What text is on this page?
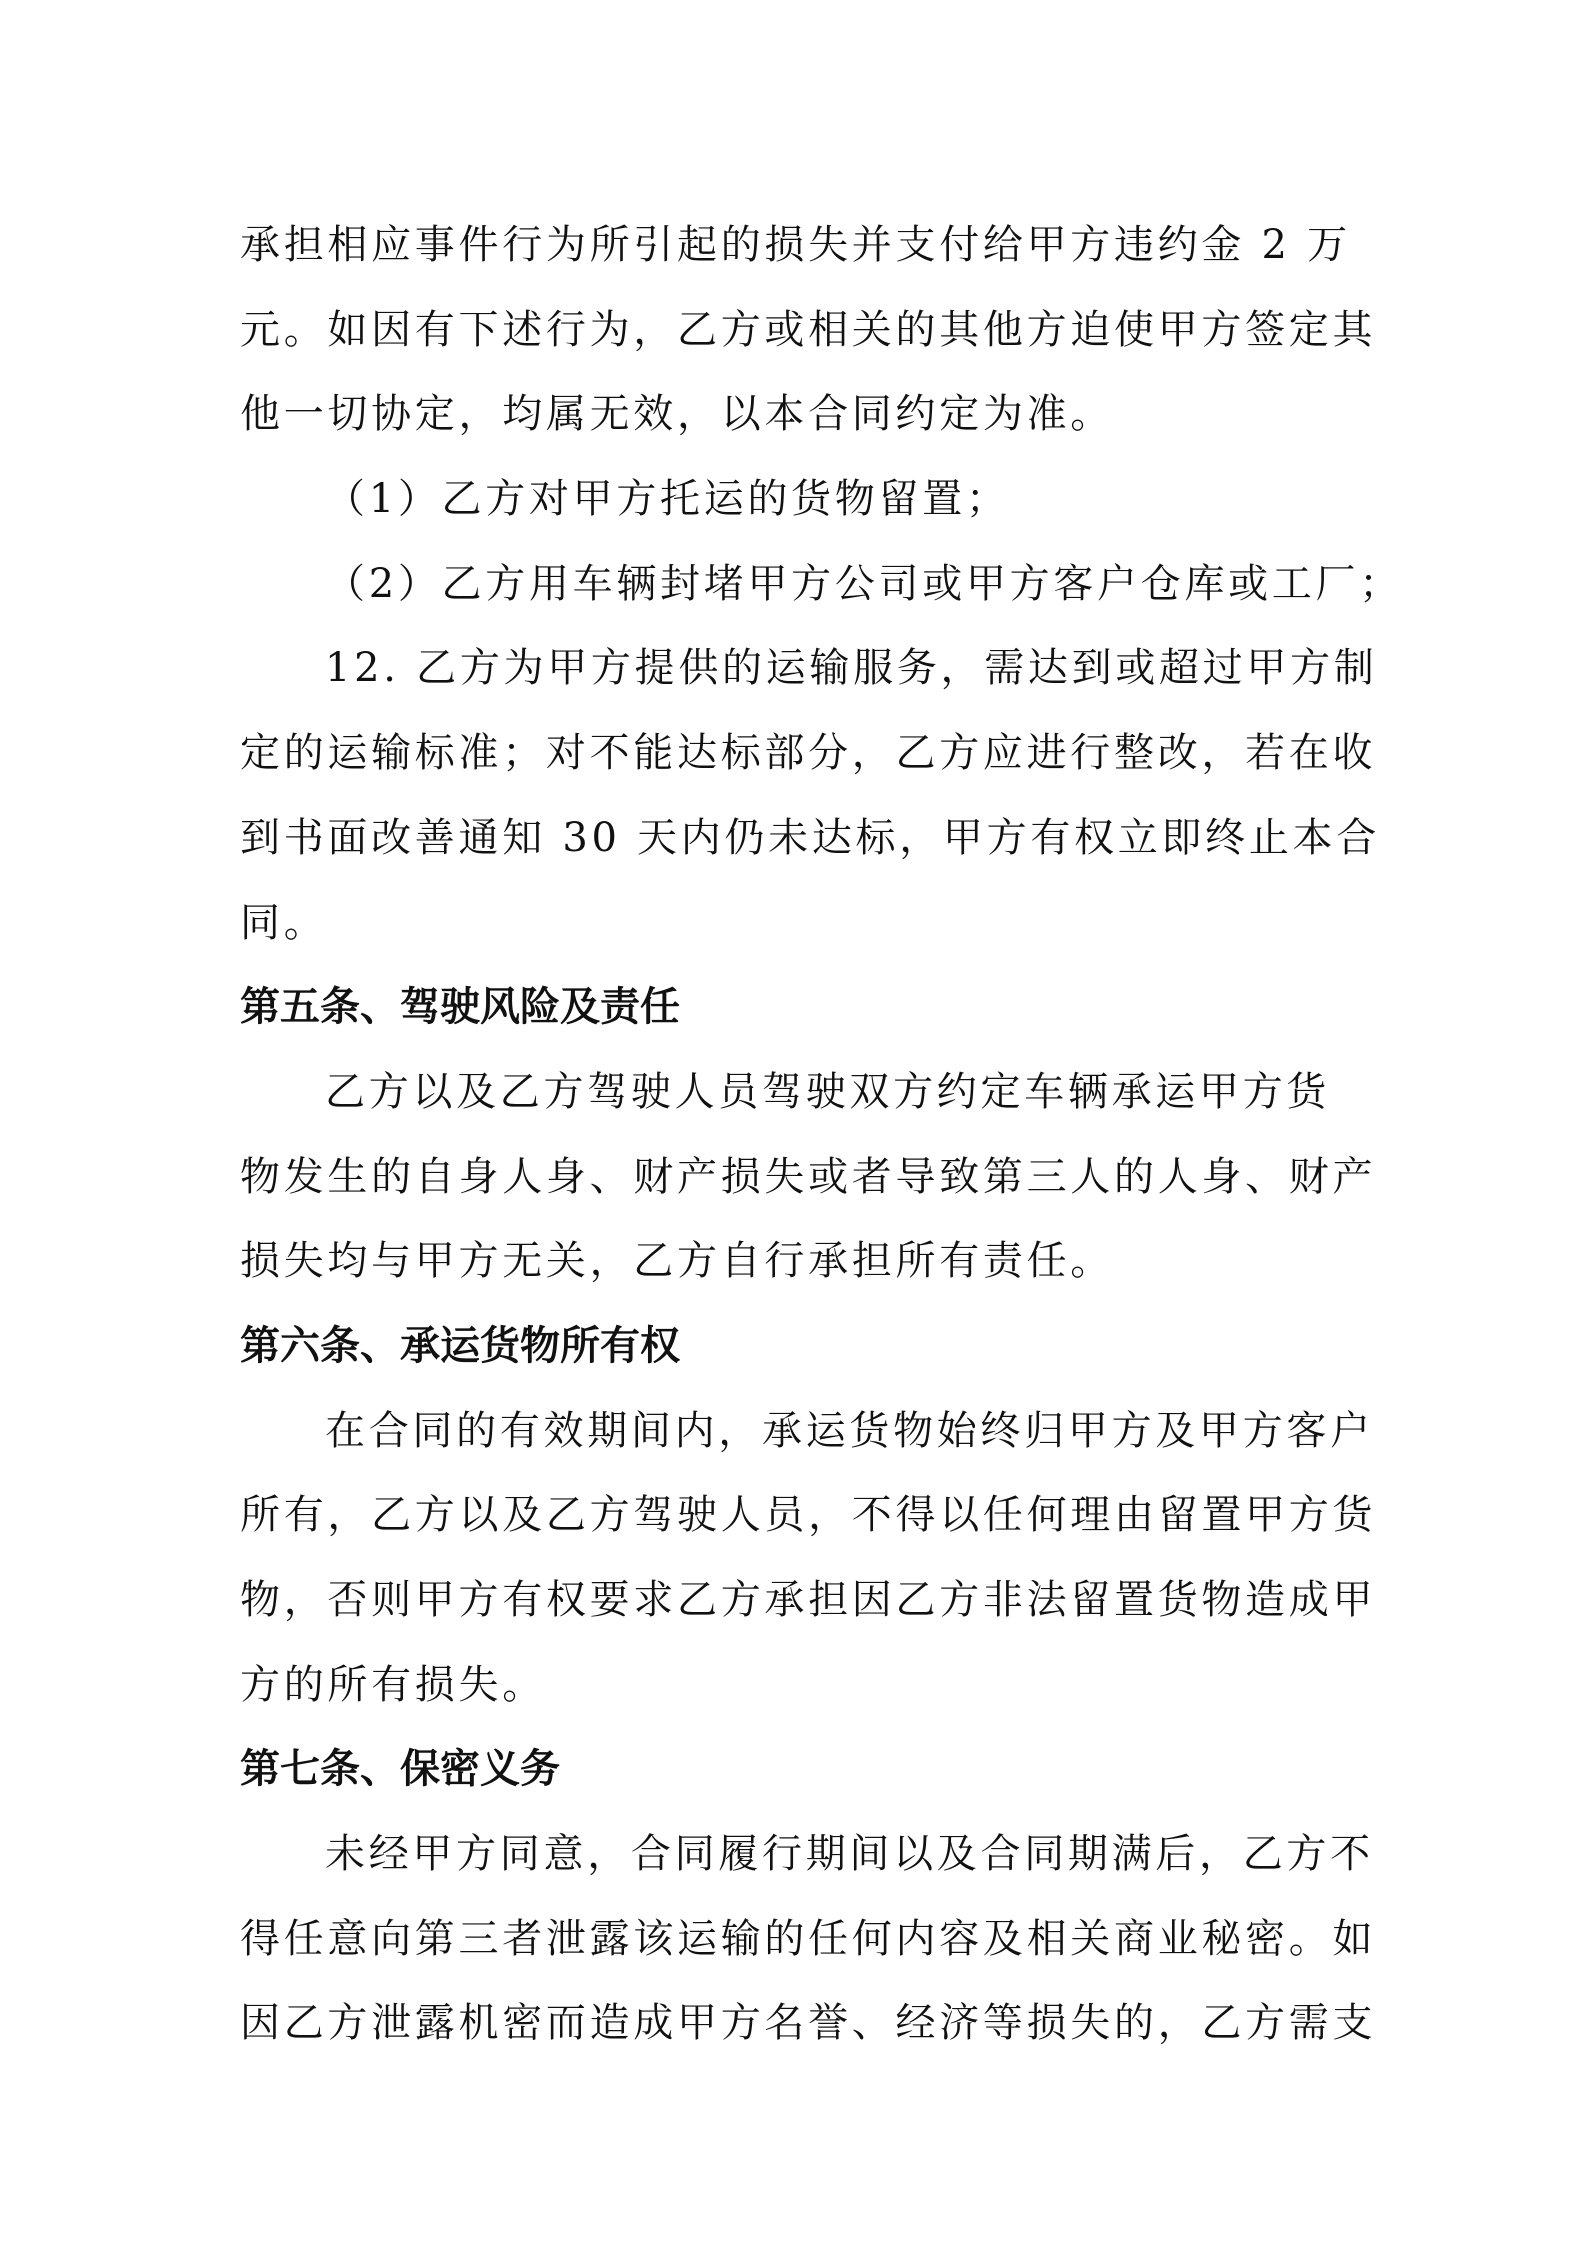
承担相应事件行为所引起的损失并支付给甲方违约金 2 万
元。如因有下述行为，乙方或相关的其他方迫使甲方签定其
他一切协定，均属无效，以本合同约定为准。
（1）乙方对甲方托运的货物留置；
（2）乙方用车辆封堵甲方公司或甲方客户仓库或工厂；
12. 乙方为甲方提供的运输服务，需达到或超过甲方制
定的运输标准；对不能达标部分，乙方应进行整改，若在收
到书面改善通知 30 天内仍未达标，甲方有权立即终止本合
同。
第五条、驾驶风险及责任
乙方以及乙方驾驶人员驾驶双方约定车辆承运甲方货
物发生的自身人身、财产损失或者导致第三人的人身、财产
损失均与甲方无关，乙方自行承担所有责任。
第六条、承运货物所有权
在合同的有效期间内，承运货物始终归甲方及甲方客户
所有，乙方以及乙方驾驶人员，不得以任何理由留置甲方货
物，否则甲方有权要求乙方承担因乙方非法留置货物造成甲
方的所有损失。
第七条、保密义务
未经甲方同意，合同履行期间以及合同期满后，乙方不
得任意向第三者泄露该运输的任何内容及相关商业秘密。如
因乙方泄露机密而造成甲方名誉、经济等损失的，乙方需支
